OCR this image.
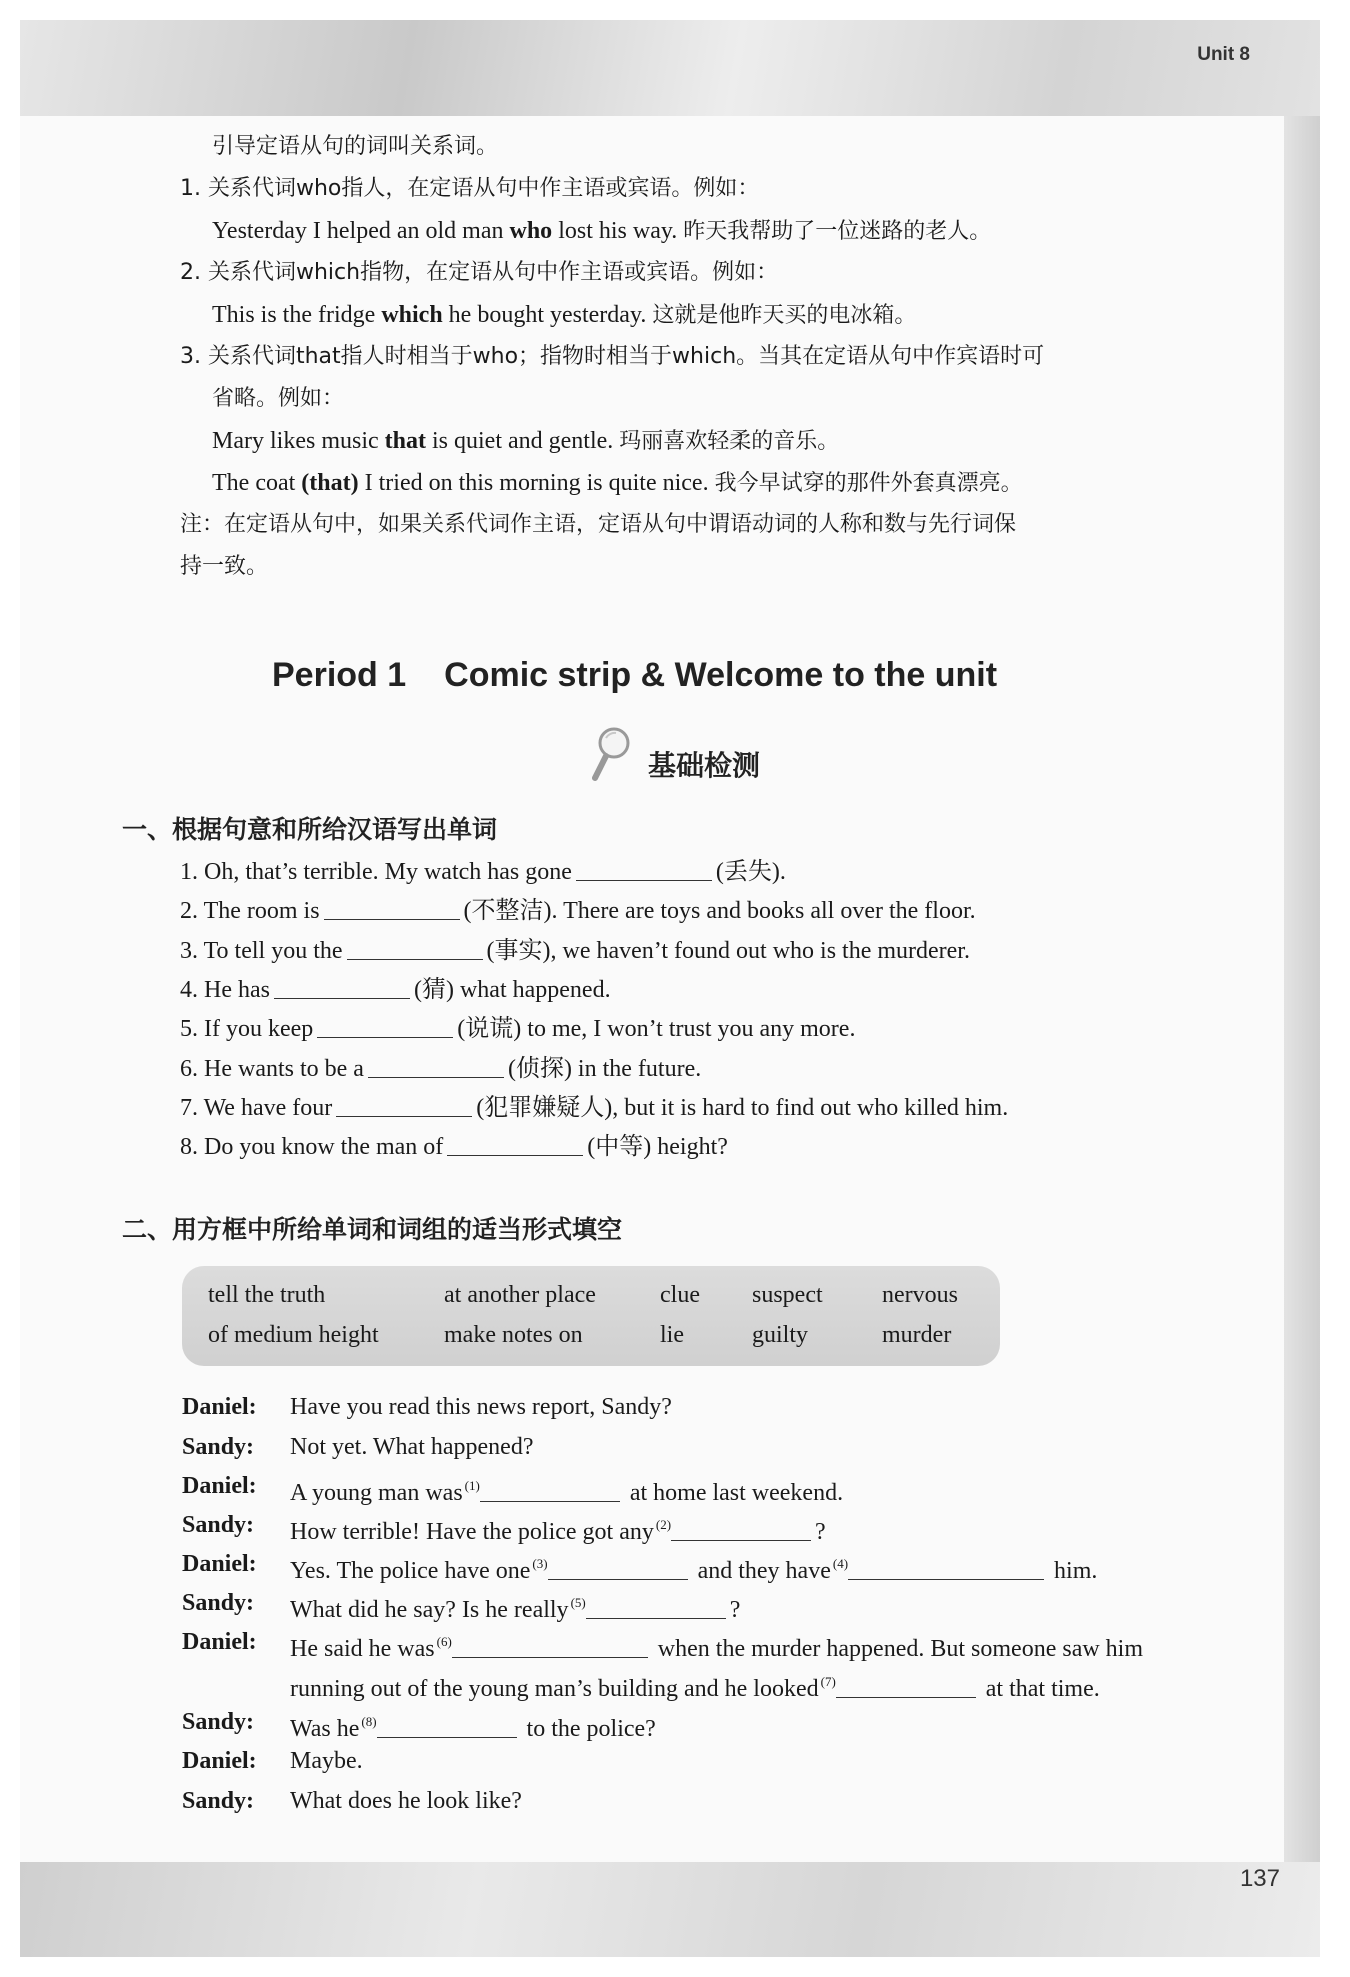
Unit 8
引导定语从句的词叫关系词。
1. 关系代词who指人，在定语从句中作主语或宾语。例如：
Yesterday I helped an old man who lost his way. 昨天我帮助了一位迷路的老人。
2. 关系代词which指物，在定语从句中作主语或宾语。例如：
This is the fridge which he bought yesterday. 这就是他昨天买的电冰箱。
3. 关系代词that指人时相当于who；指物时相当于which。当其在定语从句中作宾语时可
省略。例如：
Mary likes music that is quiet and gentle. 玛丽喜欢轻柔的音乐。
The coat (that) I tried on this morning is quite nice. 我今早试穿的那件外套真漂亮。
注：在定语从句中，如果关系代词作主语，定语从句中谓语动词的人称和数与先行词保
持一致。
Period 1 Comic strip & Welcome to the unit
基础检测
一、根据句意和所给汉语写出单词
1. Oh, that’s terrible. My watch has gone	(丢失).
2. The room is	(不整洁). There are toys and books all over the floor.
3. To tell you the	(事实), we haven’t found out who is the murderer.
4. He has	(猜) what happened.
5. If you keep	(说谎) to me, I won’t trust you any more.
6. He wants to be a	(侦探) in the future.
7. We have four	(犯罪嫌疑人), but it is hard to find out who killed him.
8. Do you know the man of	(中等) height?
二、用方框中所给单词和词组的适当形式填空
tell the truth	at another place	clue suspect nervous
of medium height	make notes on	lie	guilty	murder
Daniel: Have you read this news report, Sandy?
Sandy: Not yet. What happened?
Daniel: A young man was $^{(1)}$	at home last weekend.
Sandy: How terrible! Have the police got any $^{(2)}$	?
Daniel: Yes. The police have one $^{(3)}$	and they have $^{(4)}$	him.
Sandy: What did he say? Is he really $^{(5)}$	?
Daniel: He said he was $^{(6)}$	when the murder happened. But someone saw him
running out of the young man’s building and he looked $^{(7)}$	at that time.
Sandy: Was he $^{(8)}$	to the police?
Daniel: Maybe.
Sandy: What does he look like?
137
